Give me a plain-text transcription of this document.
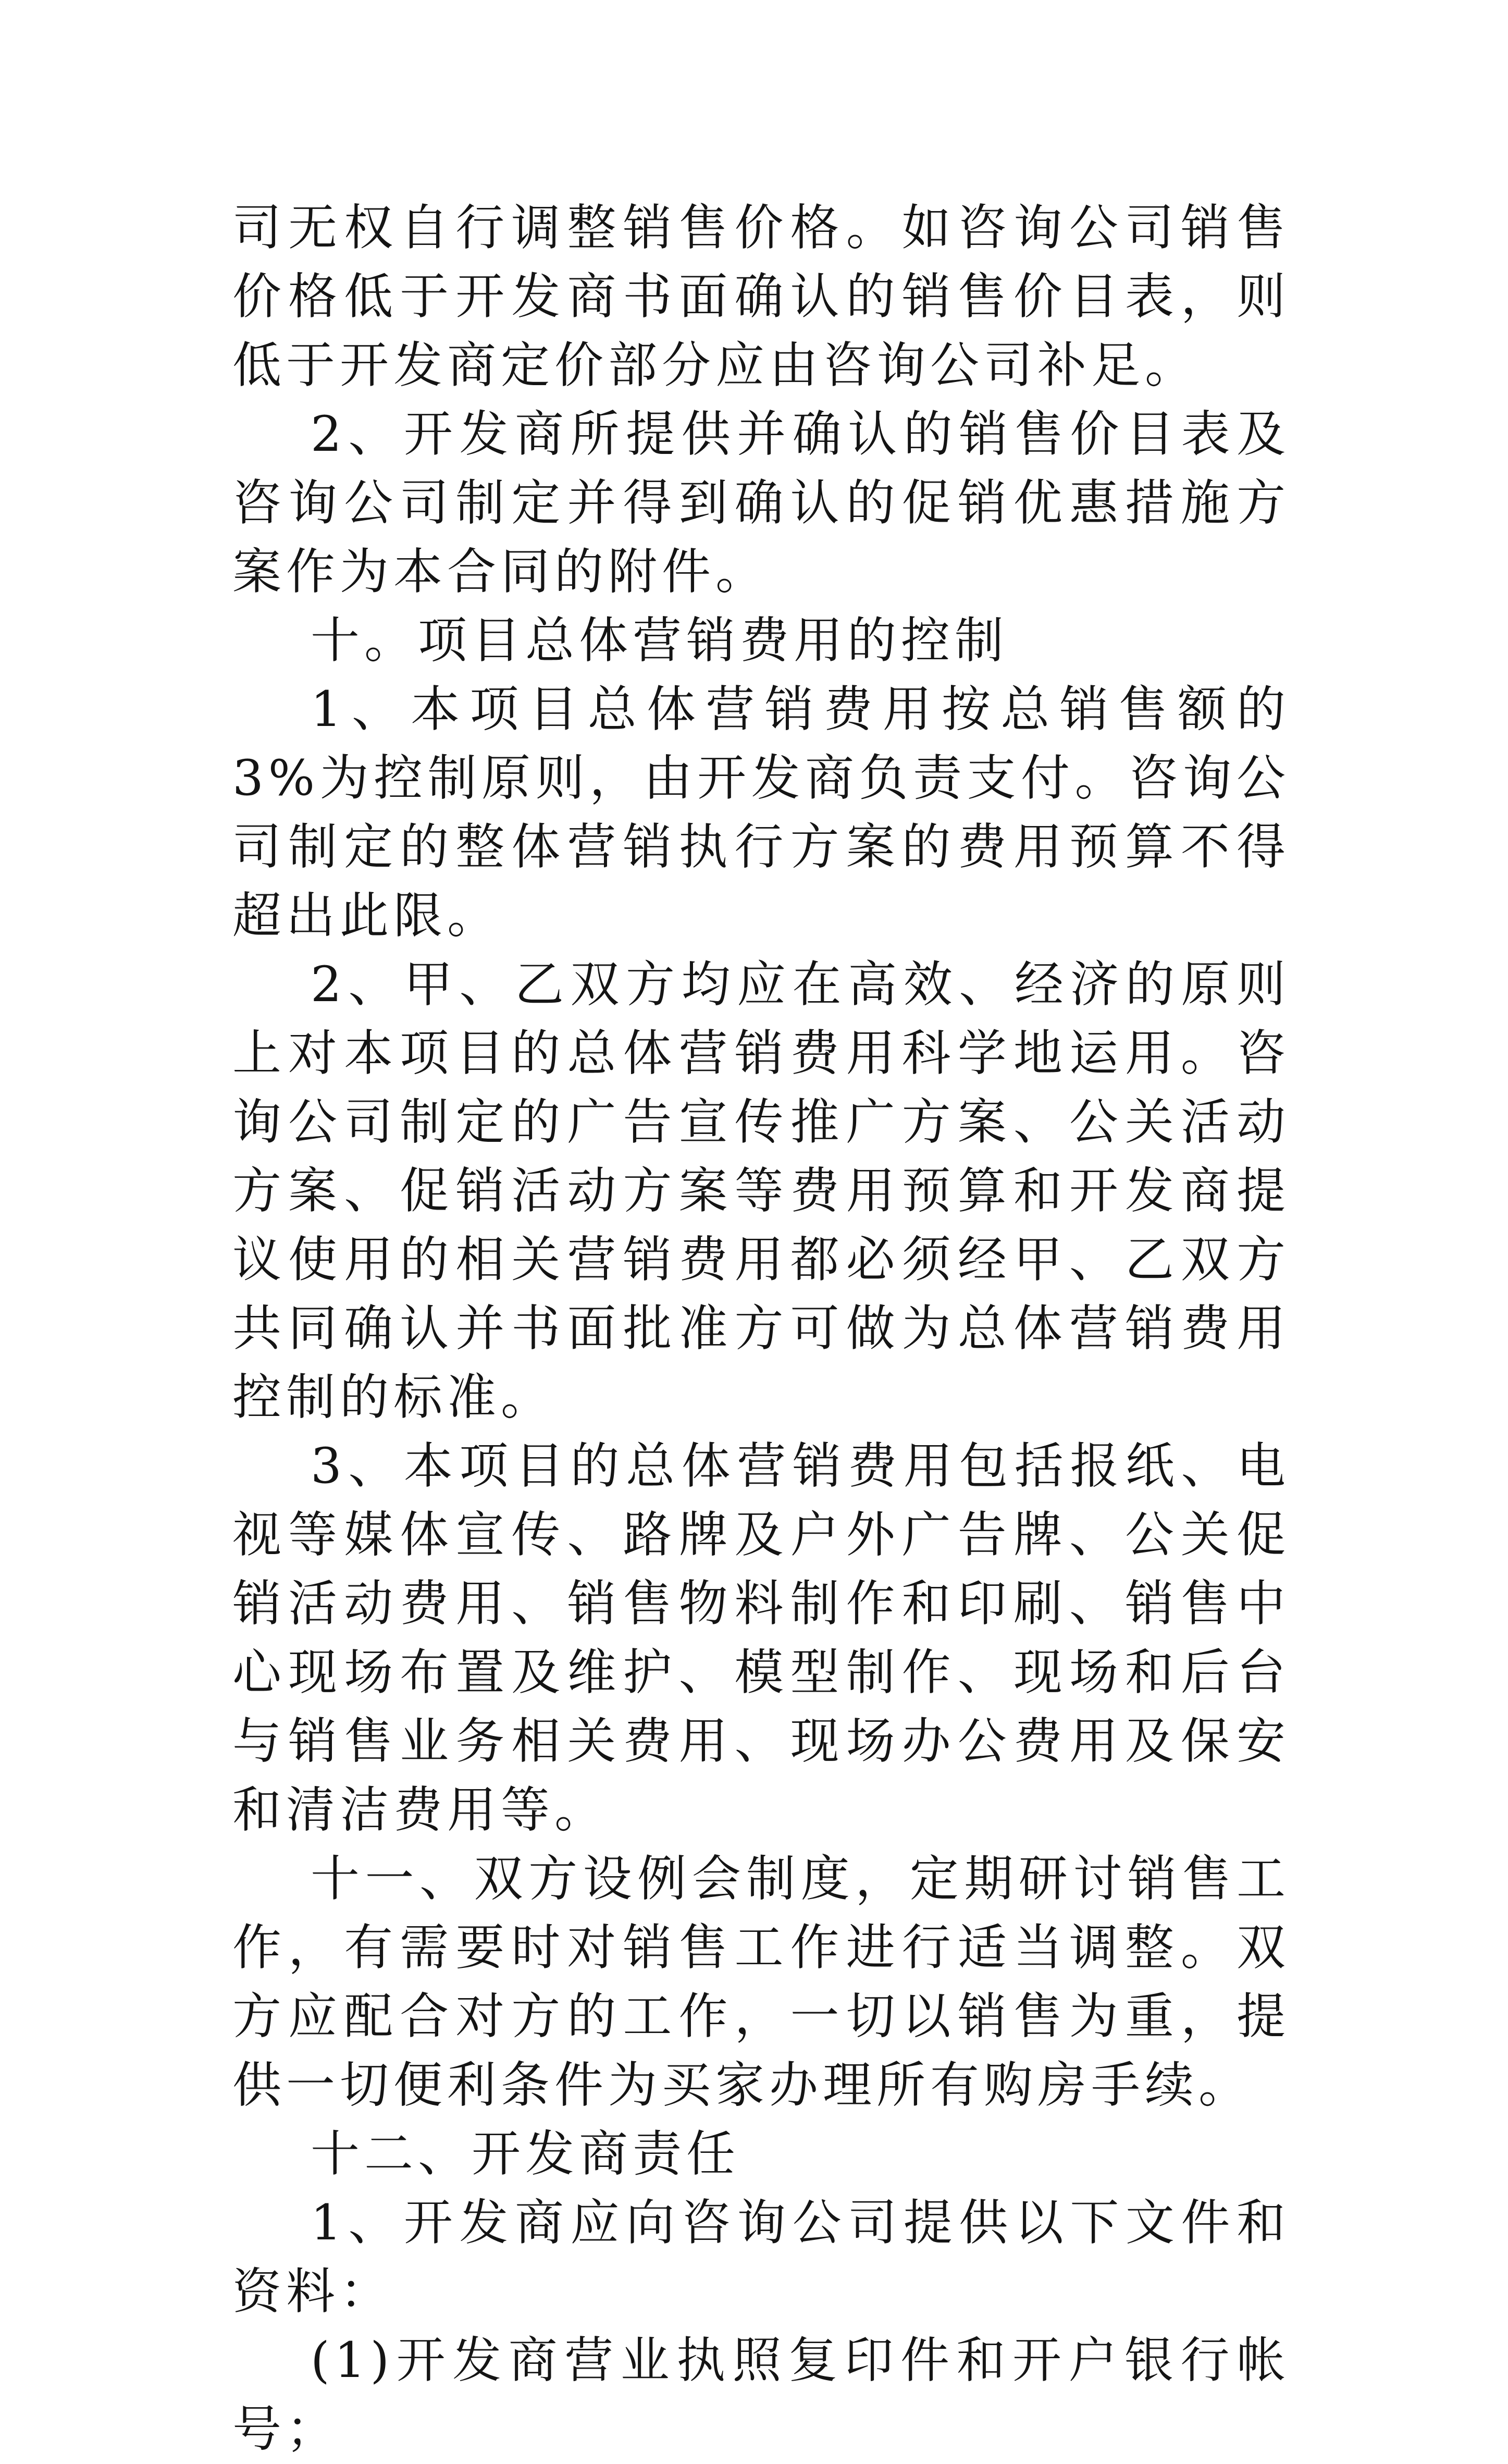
司无权自行调整销售价格。如咨询公司销售价格低于开发商书面确认的销售价目表，则低于开发商定价部分应由咨询公司补足。

2、开发商所提供并确认的销售价目表及咨询公司制定并得到确认的促销优惠措施方案作为本合同的附件。

十。项目总体营销费用的控制

1、本项目总体营销费用按总销售额的3%为控制原则，由开发商负责支付。咨询公司制定的整体营销执行方案的费用预算不得超出此限。

2、甲、乙双方均应在高效、经济的原则上对本项目的总体营销费用科学地运用。咨询公司制定的广告宣传推广方案、公关活动方案、促销活动方案等费用预算和开发商提议使用的相关营销费用都必须经甲、乙双方共同确认并书面批准方可做为总体营销费用控制的标准。

3、本项目的总体营销费用包括报纸、电视等媒体宣传、路牌及户外广告牌、公关促销活动费用、销售物料制作和印刷、销售中心现场布置及维护、模型制作、现场和后台与销售业务相关费用、现场办公费用及保安和清洁费用等。

十一、双方设例会制度，定期研讨销售工作，有需要时对销售工作进行适当调整。双方应配合对方的工作，一切以销售为重，提供一切便利条件为买家办理所有购房手续。

十二、开发商责任

1、开发商应向咨询公司提供以下文件和资料：

(1)开发商营业执照复印件和开户银行帐号；
